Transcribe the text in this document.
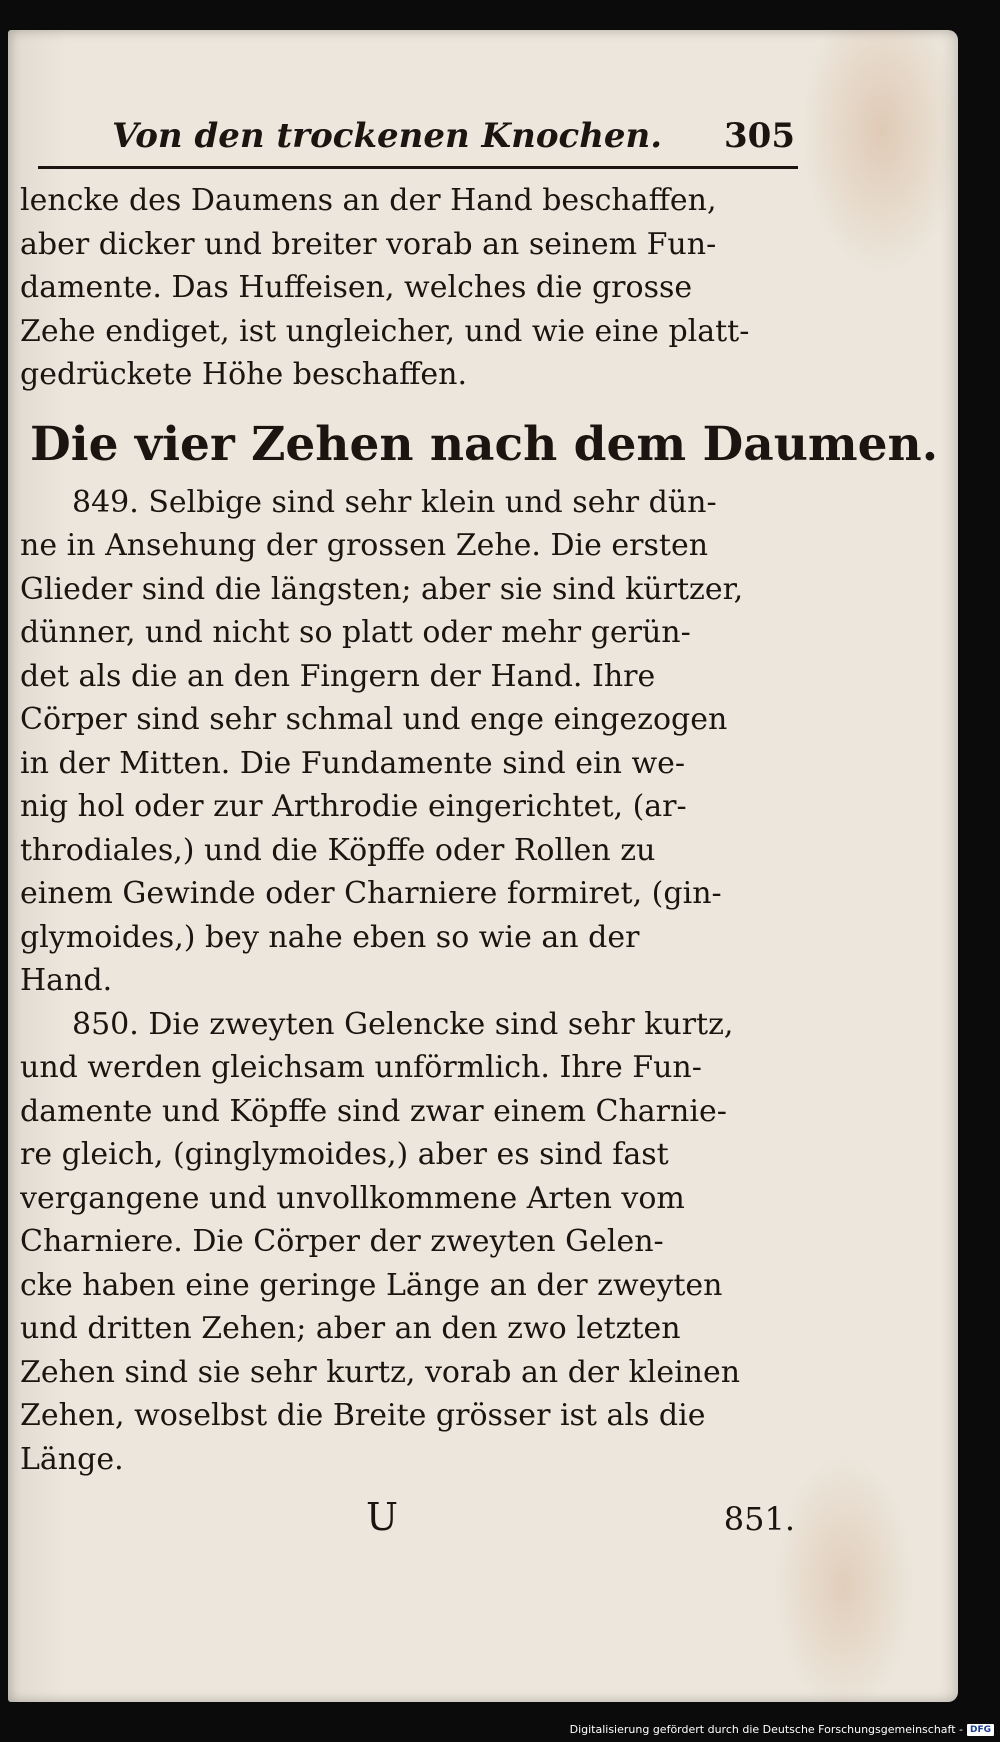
Von den trockenen Knochen. 305
lencke des Daumens an der Hand beschaffen,
aber dicker und breiter vorab an seinem Fun-
damente. Das Huffeisen, welches die grosse
Zehe endiget, ist ungleicher, und wie eine platt-
gedrückete Höhe beschaffen.
Die vier Zehen nach dem Daumen.
849. Selbige sind sehr klein und sehr dün-
ne in Ansehung der grossen Zehe. Die ersten
Glieder sind die längsten; aber sie sind kürtzer,
dünner, und nicht so platt oder mehr gerün-
det als die an den Fingern der Hand. Ihre
Cörper sind sehr schmal und enge eingezogen
in der Mitten. Die Fundamente sind ein we-
nig hol oder zur Arthrodie eingerichtet, (ar-
throdiales,) und die Köpffe oder Rollen zu
einem Gewinde oder Charniere formiret, (gin-
glymoides,) bey nahe eben so wie an der
Hand.
850. Die zweyten Gelencke sind sehr kurtz,
und werden gleichsam unförmlich. Ihre Fun-
damente und Köpffe sind zwar einem Charnie-
re gleich, (ginglymoides,) aber es sind fast
vergangene und unvollkommene Arten vom
Charniere. Die Cörper der zweyten Gelen-
cke haben eine geringe Länge an der zweyten
und dritten Zehen; aber an den zwo letzten
Zehen sind sie sehr kurtz, vorab an der kleinen
Zehen, woselbst die Breite grösser ist als die
Länge.
U	851.
Digitalisierung gefördert durch die Deutsche Forschungsgemeinschaft - DFG
